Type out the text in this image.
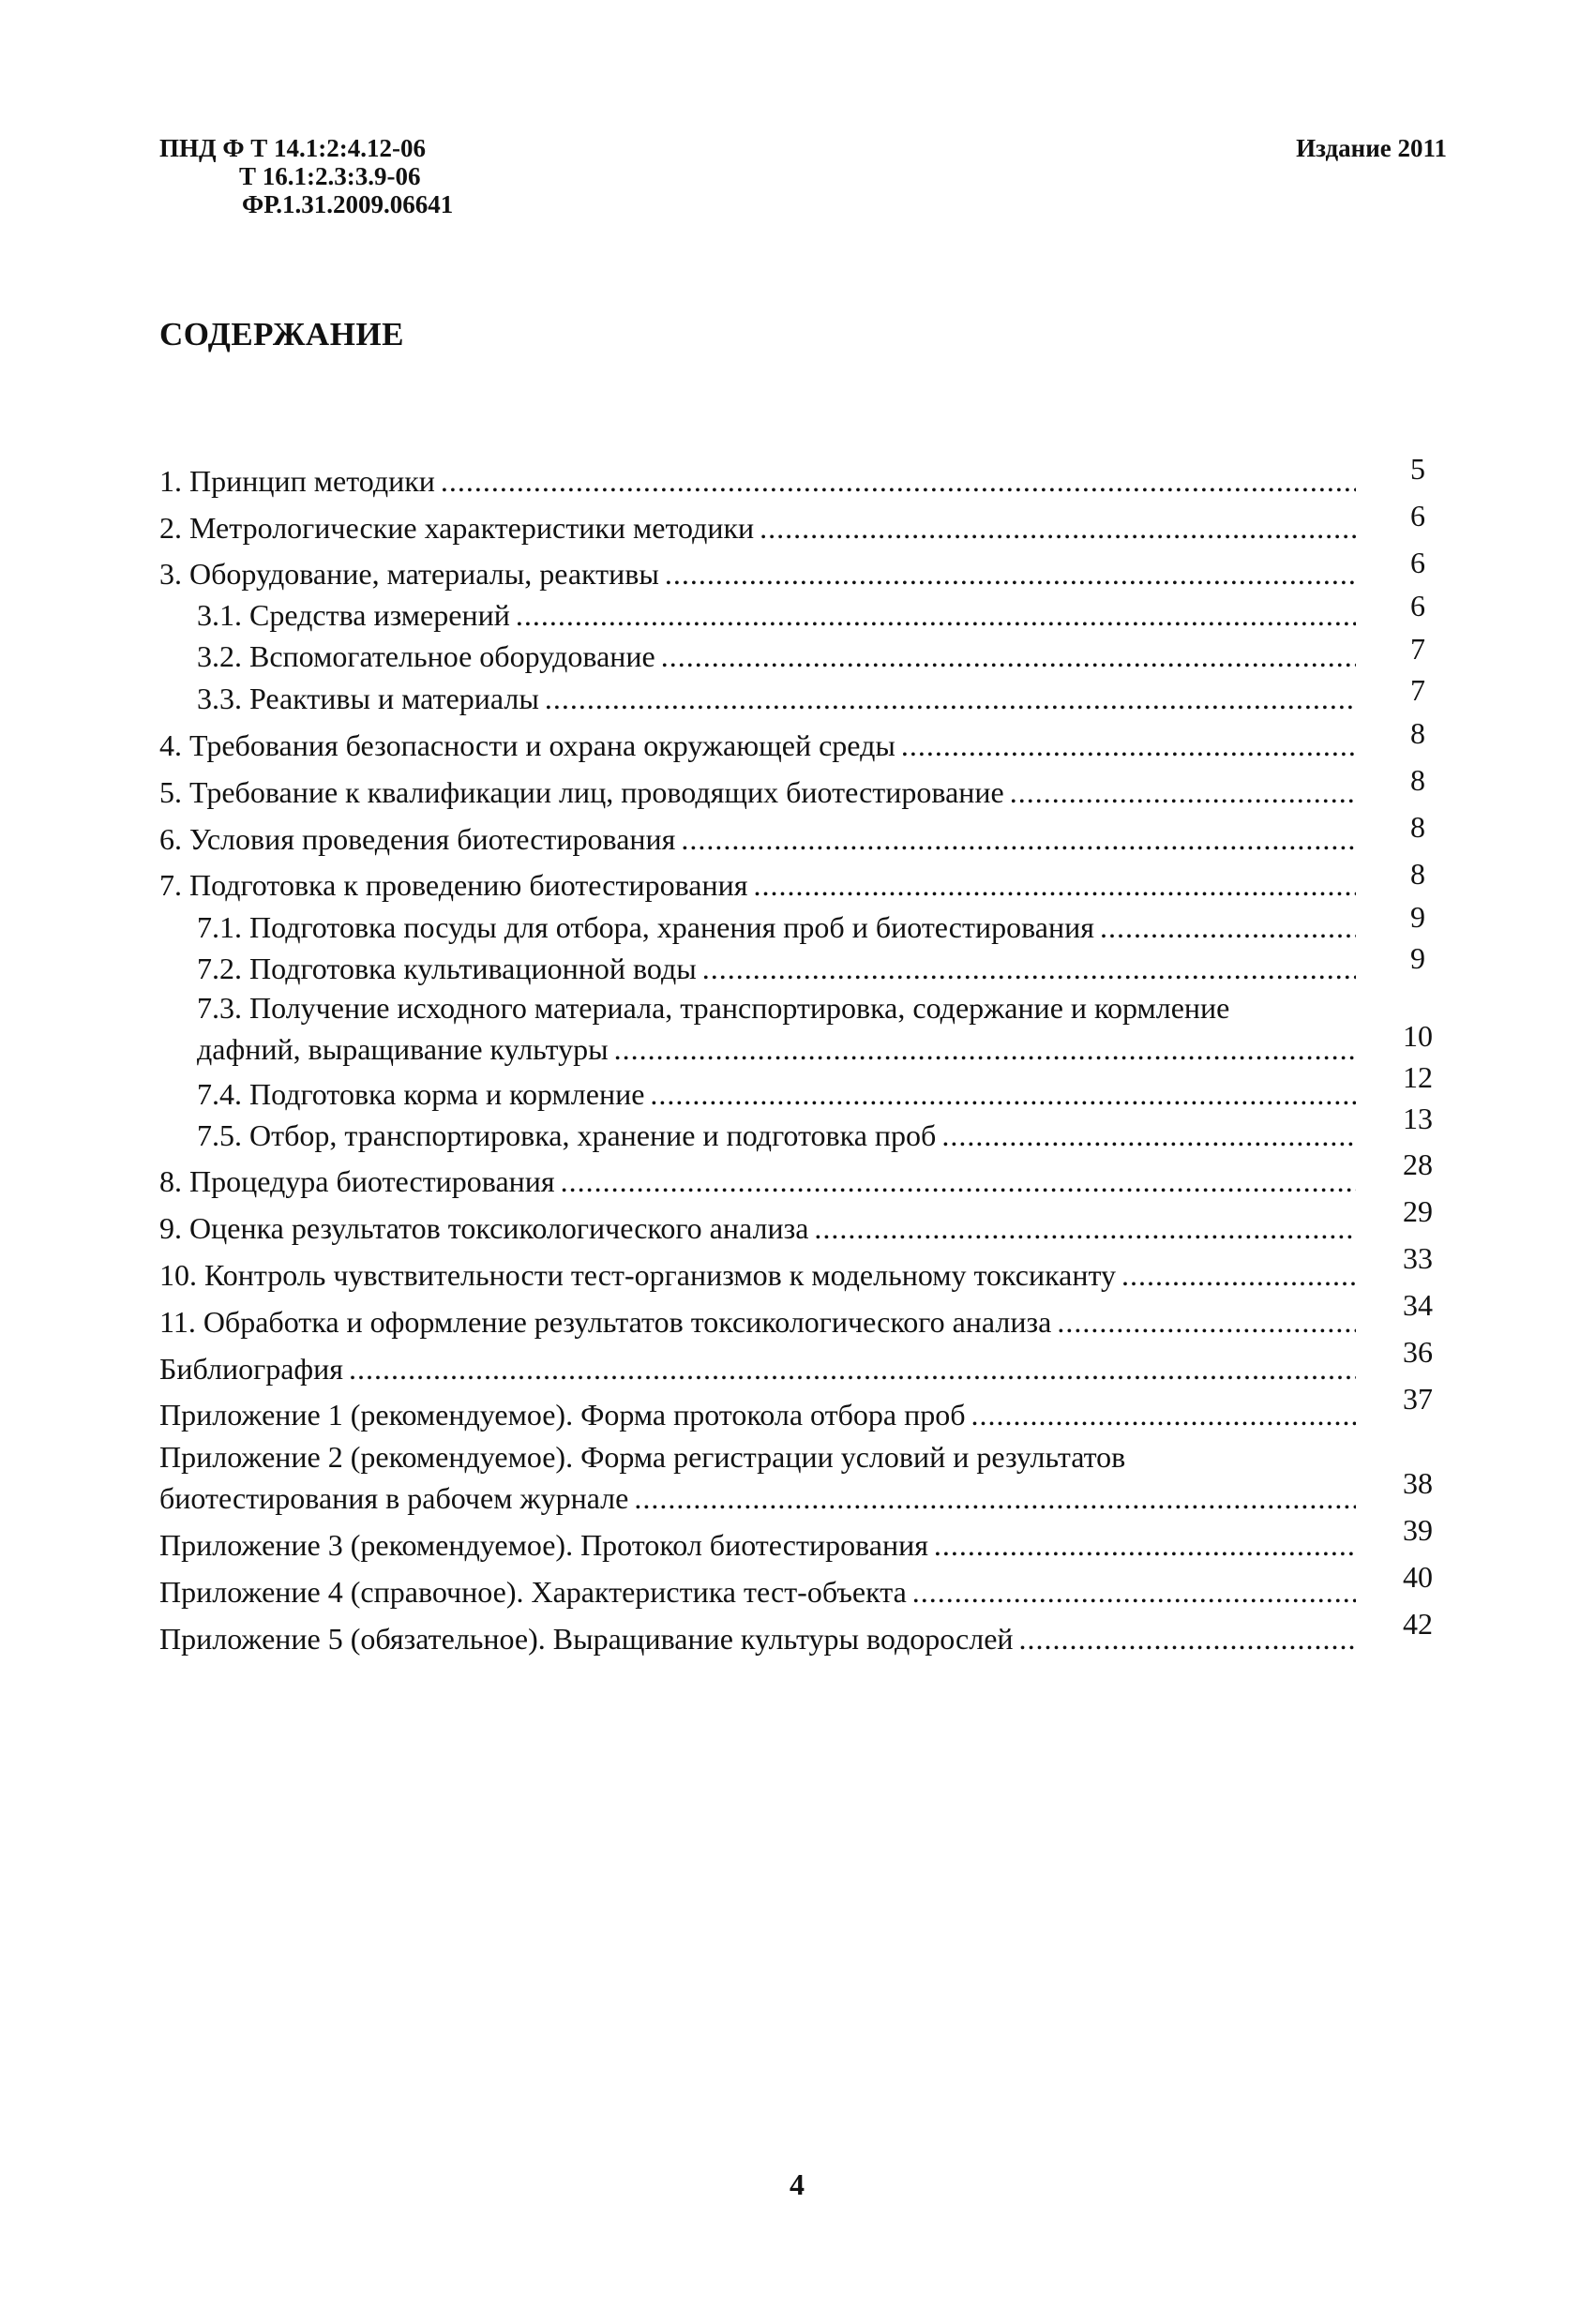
ПНД Ф Т 14.1:2:4.12-06
Т 16.1:2.3:3.9-06
ФР.1.31.2009.06641
Издание 2011
СОДЕРЖАНИЕ
1. Принцип методики .....	5
2. Метрологические характеристики методики .....	6
3. Оборудование, материалы, реактивы .....	6
3.1. Средства измерений .....	6
3.2. Вспомогательное оборудование .....	7
3.3. Реактивы и материалы .....	7
4. Требования безопасности и охрана окружающей среды .....	8
5. Требование к квалификации лиц, проводящих биотестирование .....	8
6. Условия проведения биотестирования .....	8
7. Подготовка к проведению биотестирования .....	8
7.1. Подготовка посуды для отбора, хранения проб и биотестирования .....	9
7.2. Подготовка культивационной воды .....	9
7.3. Получение исходного материала, транспортировка, содержание и кормление
дафний, выращивание культуры .....	10
7.4. Подготовка корма и кормление .....	12
7.5. Отбор, транспортировка, хранение и подготовка проб .....	13
8. Процедура биотестирования .....	28
9. Оценка результатов токсикологического анализа .....	29
10. Контроль чувствительности тест-организмов к модельному токсиканту .....	33
11. Обработка и оформление результатов токсикологического анализа .....	34
Библиография .....	36
Приложение 1 (рекомендуемое). Форма протокола отбора проб .....	37
Приложение 2 (рекомендуемое). Форма регистрации условий и результатов
биотестирования в рабочем журнале .....	38
Приложение 3 (рекомендуемое). Протокол биотестирования .....	39
Приложение 4 (справочное). Характеристика тест-объекта .....	40
Приложение 5 (обязательное). Выращивание культуры водорослей .....	42
4
